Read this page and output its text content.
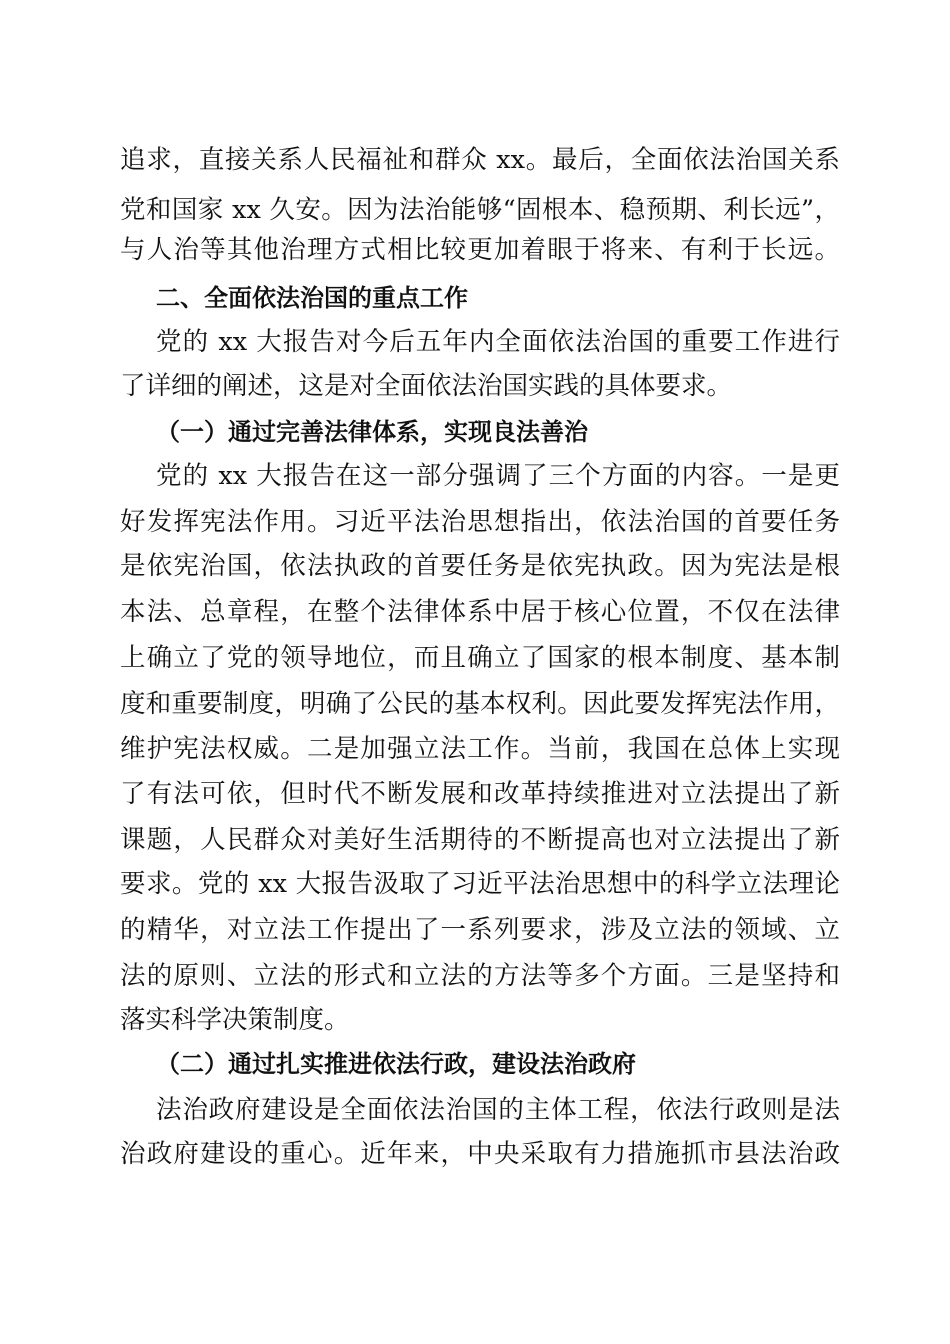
追求，直接关系人民福祉和群众 xx。最后，全面依法治国关系
党和国家 xx 久安。因为法治能够“固根本、稳预期、利长远”，
与人治等其他治理方式相比较更加着眼于将来、有利于长远。
二、全面依法治国的重点工作
党的 xx 大报告对今后五年内全面依法治国的重要工作进行
了详细的阐述，这是对全面依法治国实践的具体要求。
（一）通过完善法律体系，实现良法善治
党的 xx 大报告在这一部分强调了三个方面的内容。一是更
好发挥宪法作用。习近平法治思想指出，依法治国的首要任务
是依宪治国，依法执政的首要任务是依宪执政。因为宪法是根
本法、总章程，在整个法律体系中居于核心位置，不仅在法律
上确立了党的领导地位，而且确立了国家的根本制度、基本制
度和重要制度，明确了公民的基本权利。因此要发挥宪法作用，
维护宪法权威。二是加强立法工作。当前，我国在总体上实现
了有法可依，但时代不断发展和改革持续推进对立法提出了新
课题，人民群众对美好生活期待的不断提高也对立法提出了新
要求。党的 xx 大报告汲取了习近平法治思想中的科学立法理论
的精华，对立法工作提出了一系列要求，涉及立法的领域、立
法的原则、立法的形式和立法的方法等多个方面。三是坚持和
落实科学决策制度。
（二）通过扎实推进依法行政，建设法治政府
法治政府建设是全面依法治国的主体工程，依法行政则是法
治政府建设的重心。近年来，中央采取有力措施抓市县法治政
